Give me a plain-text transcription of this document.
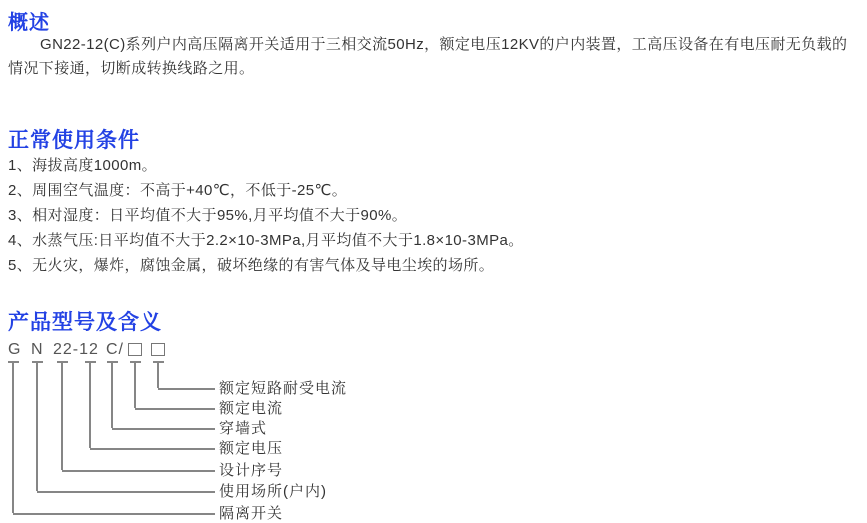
概述

GN22-12(C)系列户内高压隔离开关适用于三相交流50Hz，额定电压12KV的户内装置，工高压设备在有电压耐无负载的情况下接通，切断成转换线路之用。

正常使用条件
1、海拔高度1000m。
2、周围空气温度：不高于+40℃，不低于-25℃。
3、相对湿度：日平均值不大于95%,月平均值不大于90%。
4、水蒸气压:日平均值不大于2.2×10-3MPa,月平均值不大于1.8×10-3MPa。
5、无火灾，爆炸，腐蚀金属，破坏绝缘的有害气体及导电尘埃的场所。
产品型号及含义
G N 22-12 C/
额定短路耐受电流
额定电流
穿墙式
额定电压
设计序号
使用场所(户内)
隔离开关
